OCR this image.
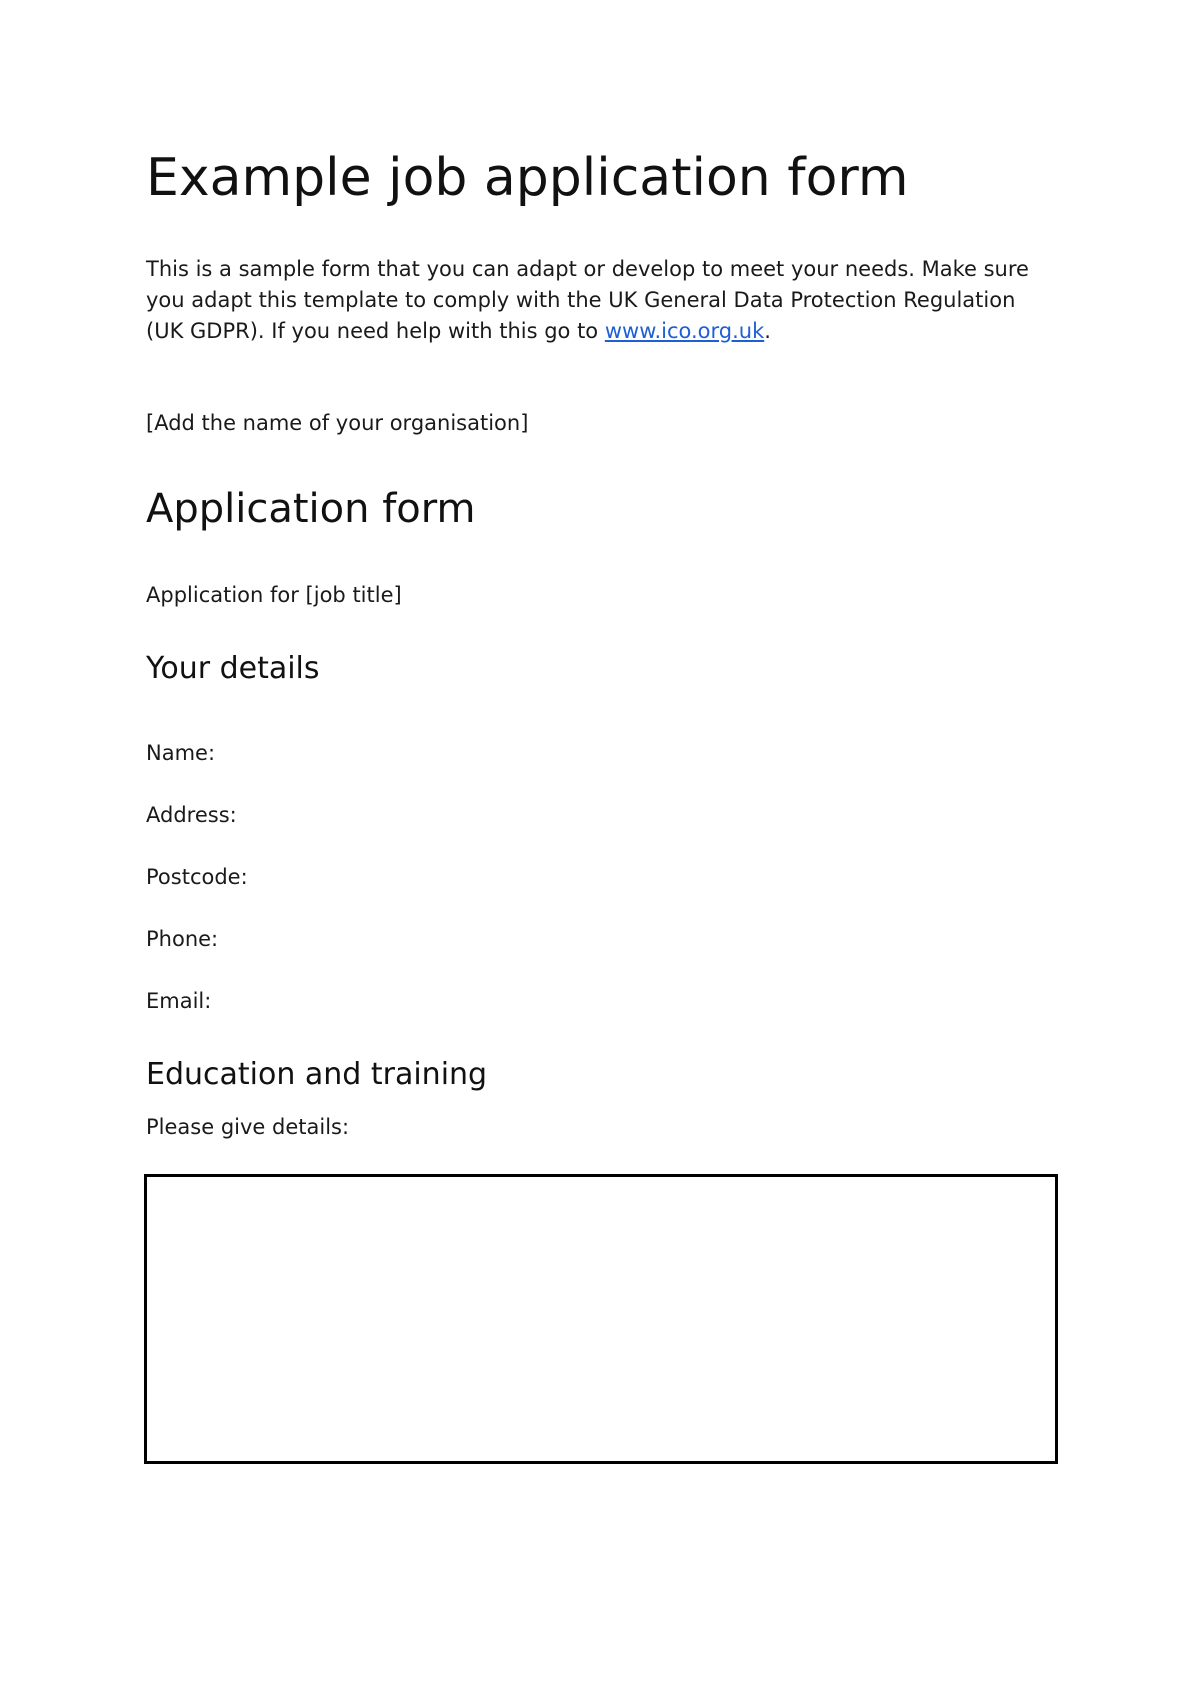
Example job application form

This is a sample form that you can adapt or develop to meet your needs. Make sure you adapt this template to comply with the UK General Data Protection Regulation (UK GDPR). If you need help with this go to www.ico.org.uk.

[Add the name of your organisation]

Application form

Application for [job title]

Your details

Name:

Address:

Postcode:

Phone:

Email:

Education and training

Please give details:
